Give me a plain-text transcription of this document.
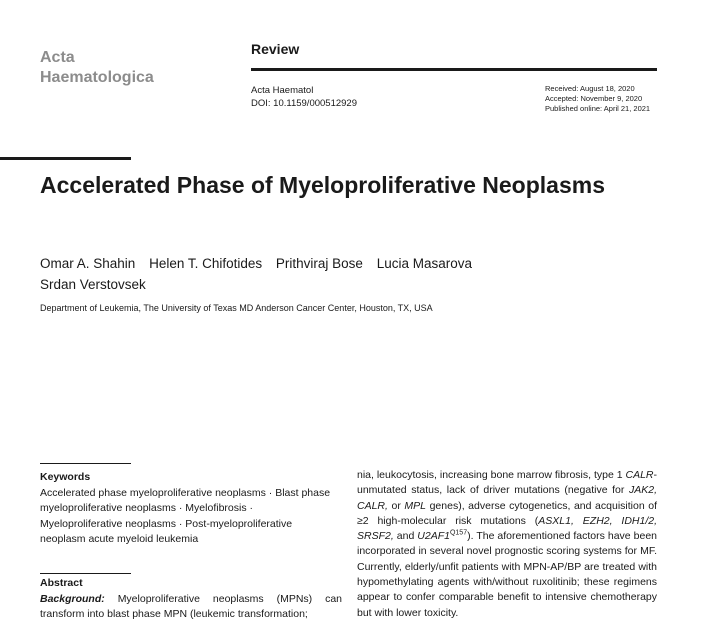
Acta
Haematologica
Review
Acta Haematol
DOI: 10.1159/000512929
Received: August 18, 2020
Accepted: November 9, 2020
Published online: April 21, 2021
Accelerated Phase of Myeloproliferative Neoplasms
Omar A. Shahin Helen T. Chifotides Prithviraj Bose Lucia Masarova Srdan Verstovsek
Department of Leukemia, The University of Texas MD Anderson Cancer Center, Houston, TX, USA
Keywords
Accelerated phase myeloproliferative neoplasms · Blast phase myeloproliferative neoplasms · Myelofibrosis · Myeloproliferative neoplasms · Post-myeloproliferative neoplasm acute myeloid leukemia
Abstract
Background: Myeloproliferative neoplasms (MPNs) can transform into blast phase MPN (leukemic transformation;
nia, leukocytosis, increasing bone marrow fibrosis, type 1 CALR-unmutated status, lack of driver mutations (negative for JAK2, CALR, or MPL genes), adverse cytogenetics, and acquisition of ≥2 high-molecular risk mutations (ASXL1, EZH2, IDH1/2, SRSF2, and $U2AF1^{Q157}$). The aforementioned factors have been incorporated in several novel prognostic scoring systems for MF. Currently, elderly/unfit patients with MPN-AP/BP are treated with hypomethylating agents with/without ruxolitinib; these regimens appear to confer comparable benefit to intensive chemotherapy but with lower toxicity.
